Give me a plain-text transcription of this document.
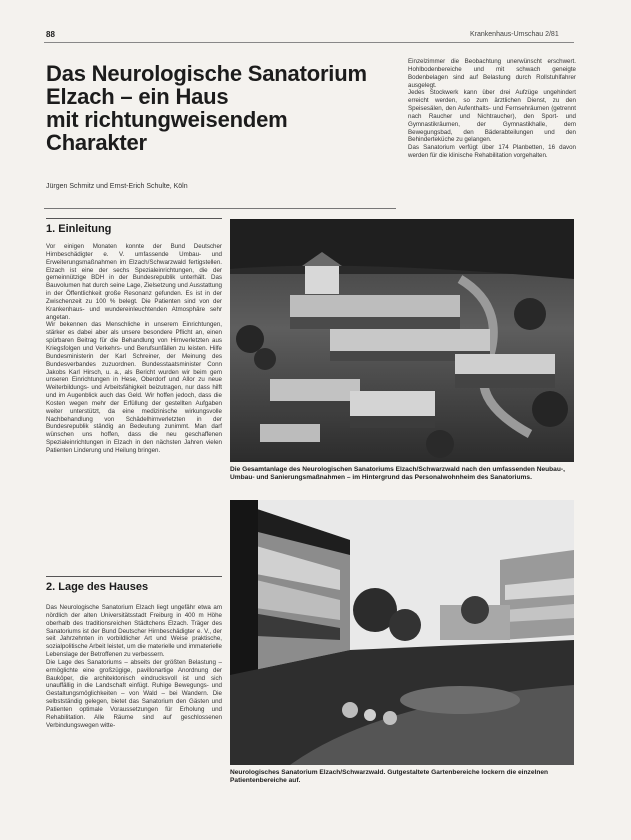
88	Krankenhaus-Umschau 2/81
Das Neurologische Sanatorium
Elzach – ein Haus
mit richtungweisendem
Charakter
Jürgen Schmitz und Ernst-Erich Schulte, Köln

Einzelzimmer die Beobachtung unerwünscht erschwert. Hohlbodenbereiche und mit schwach geneigte Bodenbelagen sind auf Belastung durch Rollstuhlfahrer ausgelegt.

Jedes Stockwerk kann über drei Aufzüge ungehindert erreicht werden, so zum ärztlichen Dienst, zu den Speisesälen, den Aufenthalts- und Fernsehräumen (getrennt nach Raucher und Nichtraucher), den Sport- und Gymnastikräumen, der Gymnastikhalle, dem Bewegungsbad, den Bäderabteilungen und den Behinderteküche zu gelangen.

Das Sanatorium verfügt über 174 Planbetten, 16 davon werden für die klinische Rehabilitation vorgehalten.

1. Einleitung

Vor einigen Monaten konnte der Bund Deutscher Hirnbeschädigter e. V. umfassende Umbau- und Erweiterungsmaßnahmen im Elzach/Schwarzwald fertigstellen. Elzach ist eine der sechs Spezialeinrichtungen, die der gemeinnützige BDH in der Bundesrepublik unterhält. Das Bauvolumen hat durch seine Lage, Zielsetzung und Ausstattung in der Öffentlichkeit große Resonanz gefunden. Es ist in der Zwischenzeit zu 100 % belegt. Die Patienten sind von der Krankenhaus- und wundereinleuchtenden Atmosphäre sehr angetan.

Wir bekennen das Menschliche in unserem Einrichtungen, stärker es dabei aber als unsere besondere Pflicht an, einen spürbaren Beitrag für die Behandlung von Hirnverletzten aus Kriegsfolgen und Verkehrs- und Berufsunfällen zu leisten. Hilfe Bundesministerin der Karl Schreiner, der Meinung des Bundesverbandes zuzuordnen. Bundesstaatsminister Conn Jakobs Karl Hirsch, u. a., als Bericht wurden wir beim gem unseren Einrichtungen in Hese, Oberdorf und Allor zu neue Weiterbildungs- und Arbeitsfähigkeit beizutragen, nur dass hilft und im Augenblick auch das Geld. Wir hoffen jedoch, dass die Kosten wegen mehr der Erfüllung der gestellten Aufgaben weiter unterstützt, da eine medizinische wirkungsvolle Nachbehandlung von Schädelhirnverletzten in der Bundesrepublik ständig an Bedeutung zunimmt. Man darf wünschen uns hoffen, dass die neu geschaffenen Spezialeinrichtungen in Elzach in den nächsten Jahren vielen Patienten Linderung und Heilung bringen.

2. Lage des Hauses

Das Neurologische Sanatorium Elzach liegt ungefähr etwa am nördlich der alten Universitätsstadt Freiburg in 400 m Höhe oberhalb des traditionsreichen Städtchens Elzach. Träger des Sanatoriums ist der Bund Deutscher Hirnbeschädigter e. V., der seit Jahrzehnten in vorbildlicher Art und Weise praktische, sozialpolitische Arbeit leistet, um die materielle und immaterielle Lebenslage der Betroffenen zu verbessern.

Die Lage des Sanatoriums – abseits der größten Belastung – ermöglichte eine großzügige, pavillonartige Anordnung der Bauköper, die architektonisch eindrucksvoll ist und sich unauffällig in die Landschaft einfügt. Ruhige Bewegungs- und Gestaltungsmöglichkeiten – von Wald – bei Wandern. Die selbstständig gelegen, bietet das Sanatorium den Gästen und Patienten optimale Voraussetzungen für Erholung und Rehabilitation. Alle Räume sind auf geschlossenen Verbindungswegen witte-

Die Gesamtanlage des Neurologischen Sanatoriums Elzach/Schwarzwald nach den umfassenden Neubau-, Umbau- und Sanierungsmaßnahmen – im Hintergrund das Personalwohnheim des Sanatoriums.

Neurologisches Sanatorium Elzach/Schwarzwald. Gutgestaltete Gartenbereiche lockern die einzelnen Patientenbereiche auf.
